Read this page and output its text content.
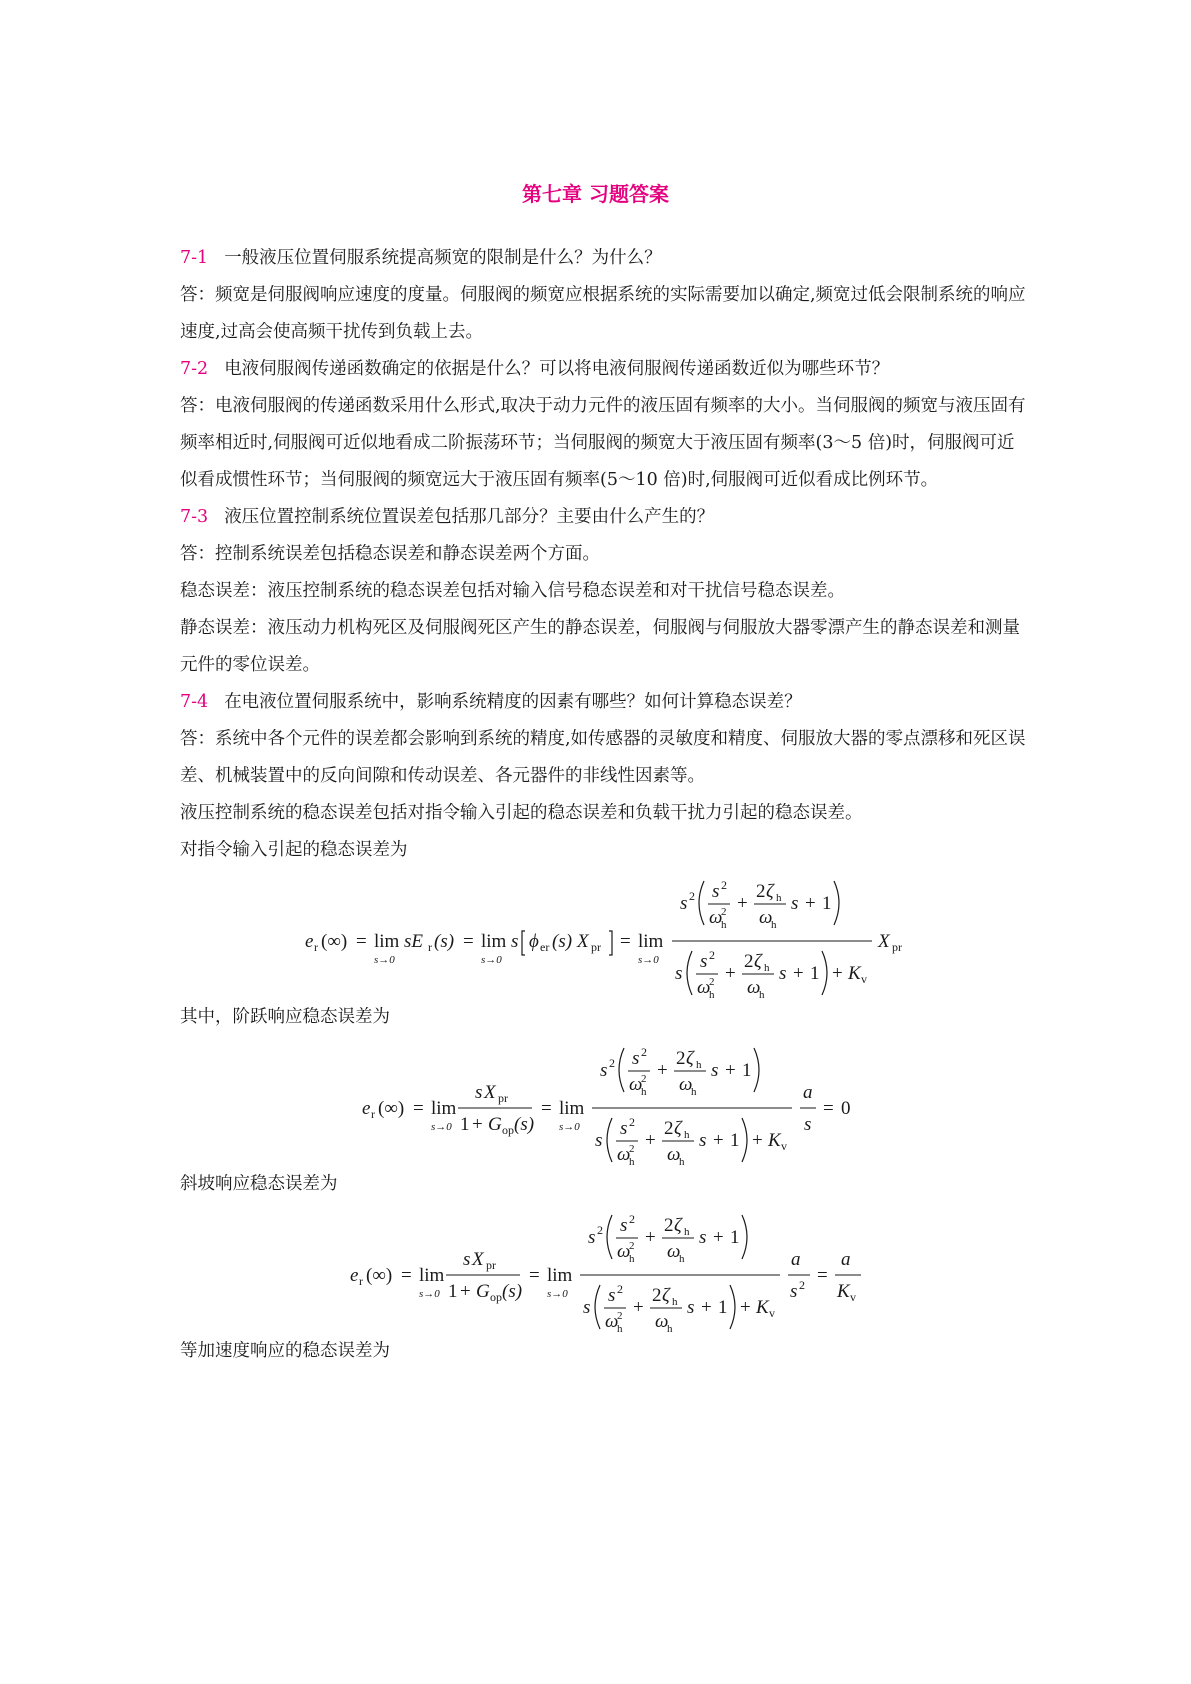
第七章 习题答案

7-1 一般液压位置伺服系统提高频宽的限制是什么？为什么？

答：频宽是伺服阀响应速度的度量。伺服阀的频宽应根据系统的实际需要加以确定,频宽过低会限制系统的响应速度,过高会使高频干扰传到负载上去。

7-2 电液伺服阀传递函数确定的依据是什么？可以将电液伺服阀传递函数近似为哪些环节？

答：电液伺服阀的传递函数采用什么形式,取决于动力元件的液压固有频率的大小。当伺服阀的频宽与液压固有频率相近时,伺服阀可近似地看成二阶振荡环节；当伺服阀的频宽大于液压固有频率(3～5 倍)时，伺服阀可近似看成惯性环节；当伺服阀的频宽远大于液压固有频率(5～10 倍)时,伺服阀可近似看成比例环节。

7-3 液压位置控制系统位置误差包括那几部分？主要由什么产生的？

答：控制系统误差包括稳态误差和静态误差两个方面。

稳态误差：液压控制系统的稳态误差包括对输入信号稳态误差和对干扰信号稳态误差。

静态误差：液压动力机构死区及伺服阀死区产生的静态误差，伺服阀与伺服放大器零漂产生的静态误差和测量元件的零位误差。

7-4 在电液位置伺服系统中，影响系统精度的因素有哪些？如何计算稳态误差？

答：系统中各个元件的误差都会影响到系统的精度,如传感器的灵敏度和精度、伺服放大器的零点漂移和死区误差、机械装置中的反向间隙和传动误差、各元器件的非线性因素等。

液压控制系统的稳态误差包括对指令输入引起的稳态误差和负载干扰力引起的稳态误差。

对指令输入引起的稳态误差为

e r (∞) = lim
s→0
sE r (s) = lim
s→0
s ϕ er (s) X pr = lim
s→0
s 2 s 2
ω
h
2 +
2 ζ h
ω
h
s + 1
s
s 2
ω
h
2 +
2 ζ h
ω
h
s + 1 + K v
X pr

其中，阶跃响应稳态误差为

e r (∞) = lim
s→0
s X pr
1 + G op (s)
= lim
s→0
s 2 s 2
ω
h
2 +
2 ζ h
ω
h
s + 1
s
s 2
ω
h
2 +
2 ζ h
ω
h
s + 1 + K v
a
s
= 0

斜坡响应稳态误差为

e r (∞) = lim
s→0
s X pr
1 + G op (s)
= lim
s→0
s 2 s 2
ω
h
2 +
2 ζ h
ω
h
s + 1
s
s 2
ω
h
2 +
2 ζ h
ω
h
s + 1 + K v
a
s 2 =
a
K v

等加速度响应的稳态误差为
